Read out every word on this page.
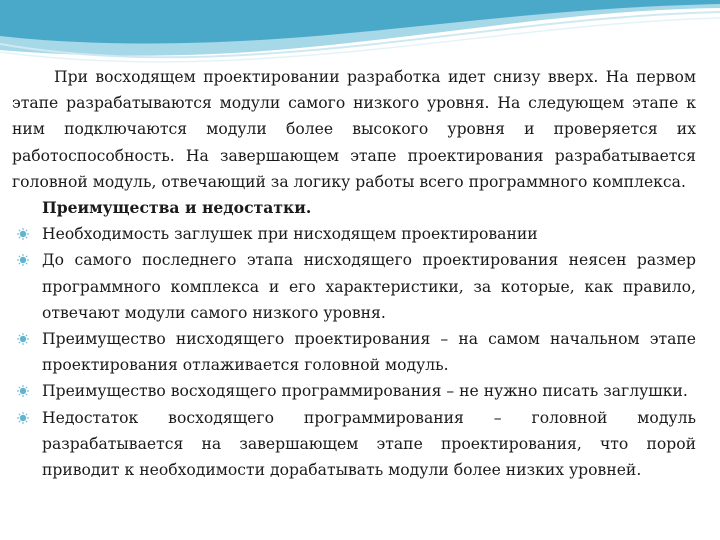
При восходящем проектировании разработка идет снизу вверх. На первом этапе разрабатываются модули самого низкого уровня. На следующем этапе к ним подключаются модули более высокого уровня и проверяется их работоспособность. На завершающем этапе проектирования разрабатывается головной модуль, отвечающий за логику работы всего программного комплекса.

Преимущества и недостатки.

Необходимость заглушек при нисходящем проектировании
До самого последнего этапа нисходящего проектирования неясен размер программного комплекса и его характеристики, за которые, как правило, отвечают модули самого низкого уровня.
Преимущество нисходящего проектирования – на самом начальном этапе проектирования отлаживается головной модуль.
Преимущество восходящего программирования – не нужно писать заглушки.
Недостаток восходящего программирования – головной модуль разрабатывается на завершающем этапе проектирования, что порой приводит к необходимости дорабатывать модули более низких уровней.
